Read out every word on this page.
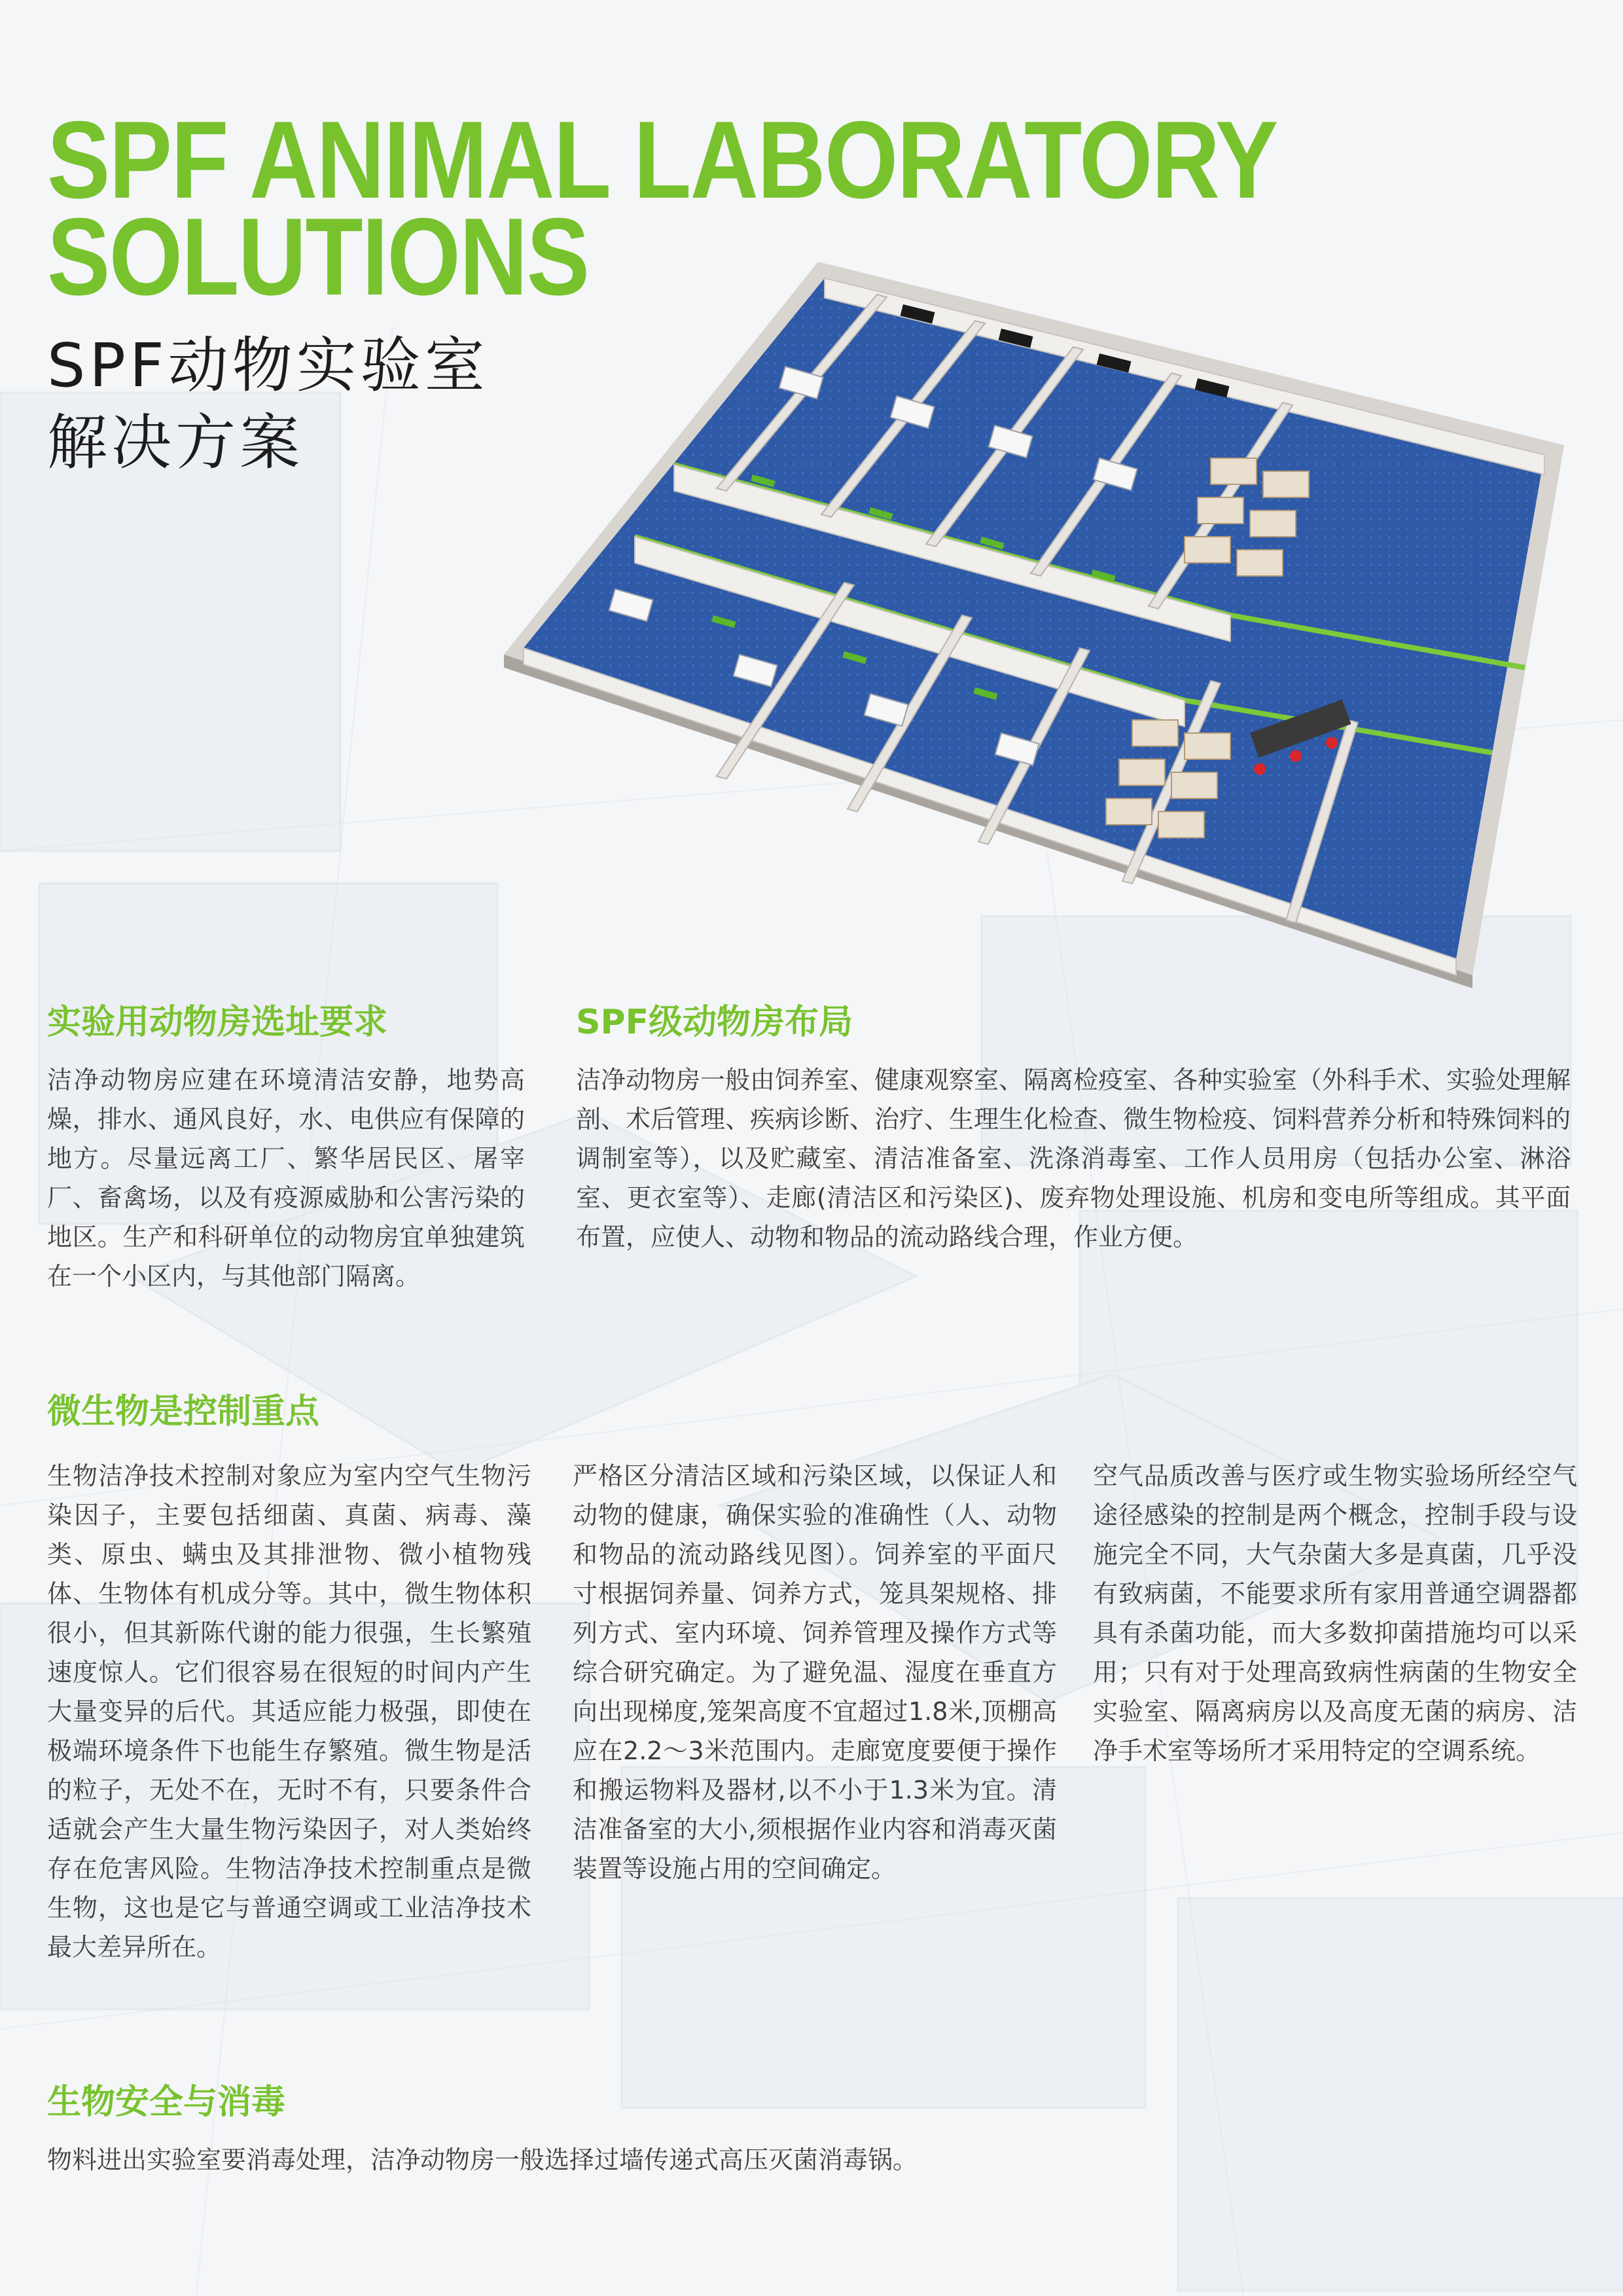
SPF ANIMAL LABORATORY
SOLUTIONS
SPF动物实验室
解决方案
实验用动物房选址要求

洁净动物房应建在环境清洁安静，地势高燥，排水、通风良好，水、电供应有保障的地方。尽量远离工厂、繁华居民区、屠宰厂、畜禽场，以及有疫源威胁和公害污染的地区。生产和科研单位的动物房宜单独建筑在一个小区内，与其他部门隔离。

SPF级动物房布局

洁净动物房一般由饲养室、健康观察室、隔离检疫室、各种实验室（外科手术、实验处理解剖、术后管理、疾病诊断、治疗、生理生化检查、微生物检疫、饲料营养分析和特殊饲料的调制室等），以及贮藏室、清洁准备室、洗涤消毒室、工作人员用房（包括办公室、淋浴室、更衣室等）、走廊(清洁区和污染区)、废弃物处理设施、机房和变电所等组成。其平面布置，应使人、动物和物品的流动路线合理，作业方便。

微生物是控制重点

生物洁净技术控制对象应为室内空气生物污染因子，主要包括细菌、真菌、病毒、藻类、原虫、螨虫及其排泄物、微小植物残体、生物体有机成分等。其中，微生物体积很小，但其新陈代谢的能力很强，生长繁殖速度惊人。它们很容易在很短的时间内产生大量变异的后代。其适应能力极强，即使在极端环境条件下也能生存繁殖。微生物是活的粒子，无处不在，无时不有，只要条件合适就会产生大量生物污染因子，对人类始终存在危害风险。生物洁净技术控制重点是微生物，这也是它与普通空调或工业洁净技术最大差异所在。

严格区分清洁区域和污染区域，以保证人和动物的健康，确保实验的准确性（人、动物和物品的流动路线见图）。饲养室的平面尺寸根据饲养量、饲养方式，笼具架规格、排列方式、室内环境、饲养管理及操作方式等综合研究确定。为了避免温、湿度在垂直方向出现梯度,笼架高度不宜超过1.8米,顶棚高应在2.2～3米范围内。走廊宽度要便于操作和搬运物料及器材,以不小于1.3米为宜。清洁准备室的大小,须根据作业内容和消毒灭菌装置等设施占用的空间确定。

空气品质改善与医疗或生物实验场所经空气途径感染的控制是两个概念，控制手段与设施完全不同，大气杂菌大多是真菌，几乎没有致病菌，不能要求所有家用普通空调器都具有杀菌功能，而大多数抑菌措施均可以采用；只有对于处理高致病性病菌的生物安全实验室、隔离病房以及高度无菌的病房、洁净手术室等场所才采用特定的空调系统。

生物安全与消毒

物料进出实验室要消毒处理，洁净动物房一般选择过墙传递式高压灭菌消毒锅。
